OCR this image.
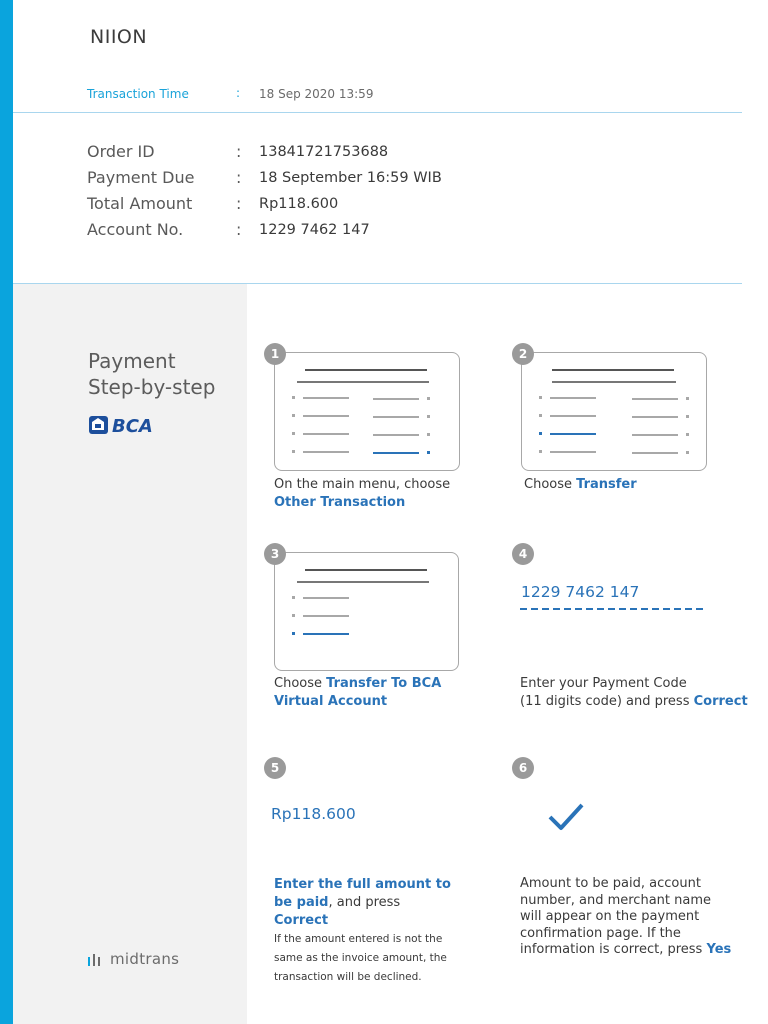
NIION
Transaction Time	: 18 Sep 2020 13:59
Order ID	: 13841721753688
Payment Due	: 18 September 16:59 WIB
Total Amount	: Rp118.600
Account No.	: 1229 7462 147
Payment
Step-by-step
BCA
midtrans
1
On the main menu, choose
Other Transaction
2
Choose Transfer
3
Choose Transfer To BCA Virtual Account
4
1229 7462 147
Enter your Payment Code
(11 digits code) and press Correct
5
Rp118.600
Enter the full amount to be paid, and press Correct
If the amount entered is not the same as the invoice amount, the transaction will be declined.
6
Amount to be paid, account number, and merchant name will appear on the payment confirmation page. If the information is correct, press Yes
